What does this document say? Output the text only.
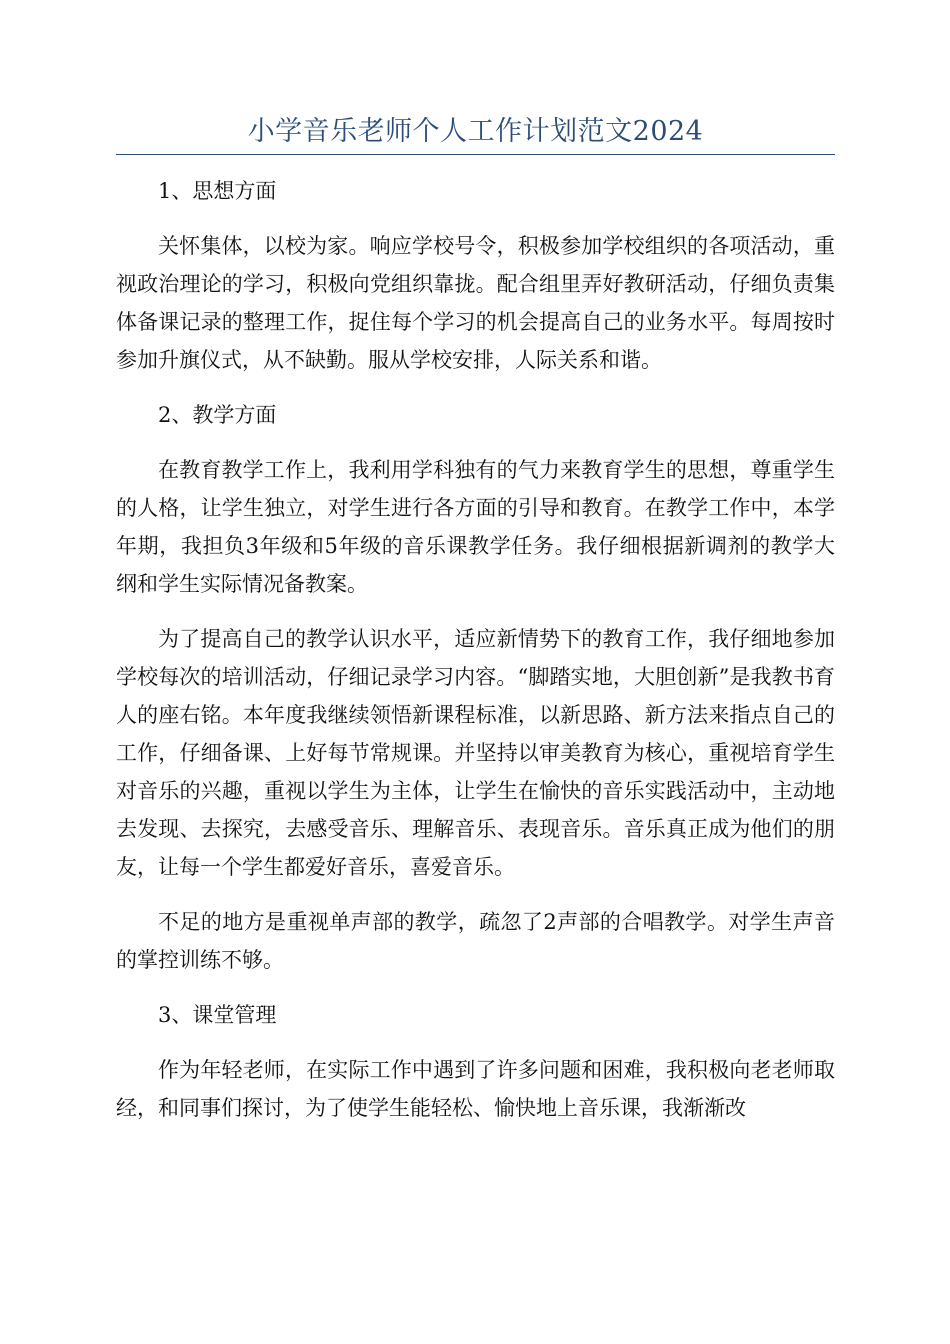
小学音乐老师个人工作计划范文2024
1、思想方面

关怀集体，以校为家。响应学校号令，积极参加学校组织的各项活动，重视政治理论的学习，积极向党组织靠拢。配合组里弄好教研活动，仔细负责集体备课记录的整理工作，捉住每个学习的机会提高自己的业务水平。每周按时参加升旗仪式，从不缺勤。服从学校安排，人际关系和谐。

2、教学方面

在教育教学工作上，我利用学科独有的气力来教育学生的思想，尊重学生的人格，让学生独立，对学生进行各方面的引导和教育。在教学工作中，本学年期，我担负3年级和5年级的音乐课教学任务。我仔细根据新调剂的教学大纲和学生实际情况备教案。

为了提高自己的教学认识水平，适应新情势下的教育工作，我仔细地参加学校每次的培训活动，仔细记录学习内容。“脚踏实地，大胆创新”是我教书育人的座右铭。本年度我继续领悟新课程标准，以新思路、新方法来指点自己的工作，仔细备课、上好每节常规课。并坚持以审美教育为核心，重视培育学生对音乐的兴趣，重视以学生为主体，让学生在愉快的音乐实践活动中，主动地去发现、去探究，去感受音乐、理解音乐、表现音乐。音乐真正成为他们的朋友，让每一个学生都爱好音乐，喜爱音乐。

不足的地方是重视单声部的教学，疏忽了2声部的合唱教学。对学生声音的掌控训练不够。

3、课堂管理

作为年轻老师，在实际工作中遇到了许多问题和困难，我积极向老老师取经，和同事们探讨，为了使学生能轻松、愉快地上音乐课，我渐渐改
